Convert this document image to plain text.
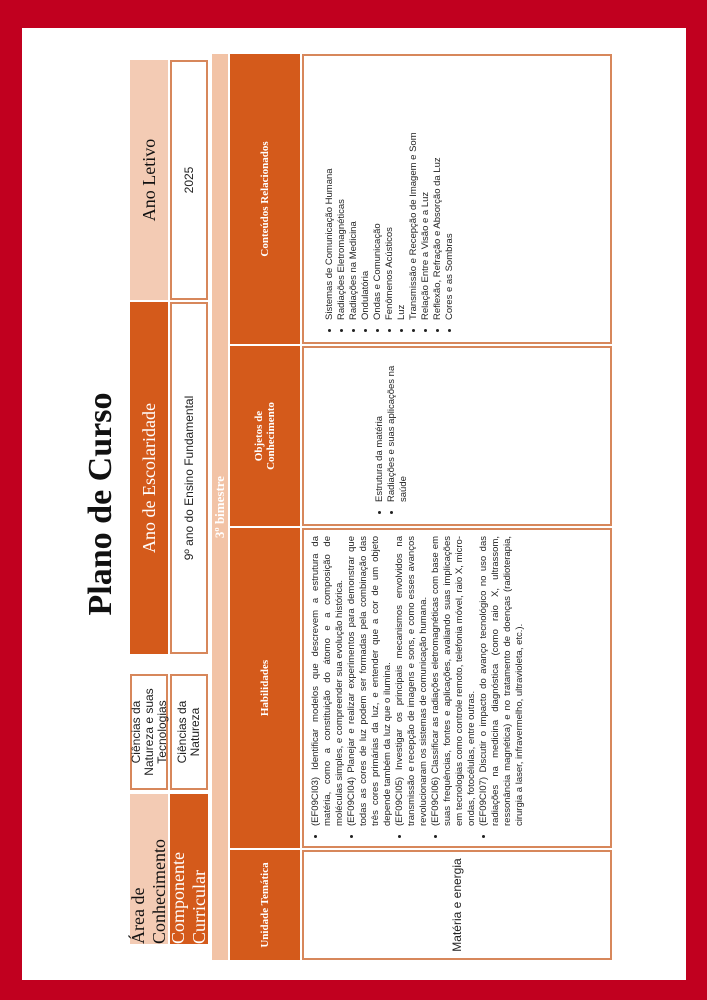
Plano de Curso
Área de Conhecimento
Ciências da Natureza e suas Tecnologias
Componente Curricular
Ciências da Natureza
Ano de Escolaridade	9º ano do Ensino Fundamental
Ano Letivo	2025
3º bimestre
Unidade Temática
Habilidades
Objetos de Conhecimento
Conteúdos Relacionados
Matéria e energia
• (EF09CI03) Identificar modelos que descrevem a estrutura da matéria, como a constituição do átomo e a composição de moléculas simples, e compreender sua evolução histórica. • (EF09CI04) Planejar e realizar experimentos para demonstrar que todas as cores de luz podem ser formadas pela combinação das três cores primárias da luz, e entender que a cor de um objeto depende também da luz que o ilumina. • (EF09CI05) Investigar os principais mecanismos envolvidos na transmissão e recepção de imagens e sons, e como esses avanços revolucionaram os sistemas de comunicação humana. • (EF09CI06) Classificar as radiações eletromagnéticas com base em suas frequências, fontes e aplicações, avaliando suas implicações em tecnologias como controle remoto, telefonia móvel, raio X, micro-ondas, fotocélulas, entre outras. • (EF09CI07) Discutir o impacto do avanço tecnológico no uso das radiações na medicina diagnóstica (como raio X, ultrassom, ressonância magnética) e no tratamento de doenças (radioterapia, cirurgia a laser, infravermelho, ultravioleta, etc.).
• Estrutura da matéria • Radiações e suas aplicações na saúde
• Sistemas de Comunicação Humana • Radiações Eletromagnéticas • Radiações na Medicina • Ondulatória • Ondas e Comunicação • Fenômenos Acústicos • Luz • Transmissão e Recepção de Imagem e Som • Relação Entre a Visão e a Luz • Reflexão, Refração e Absorção da Luz • Cores e as Sombras
